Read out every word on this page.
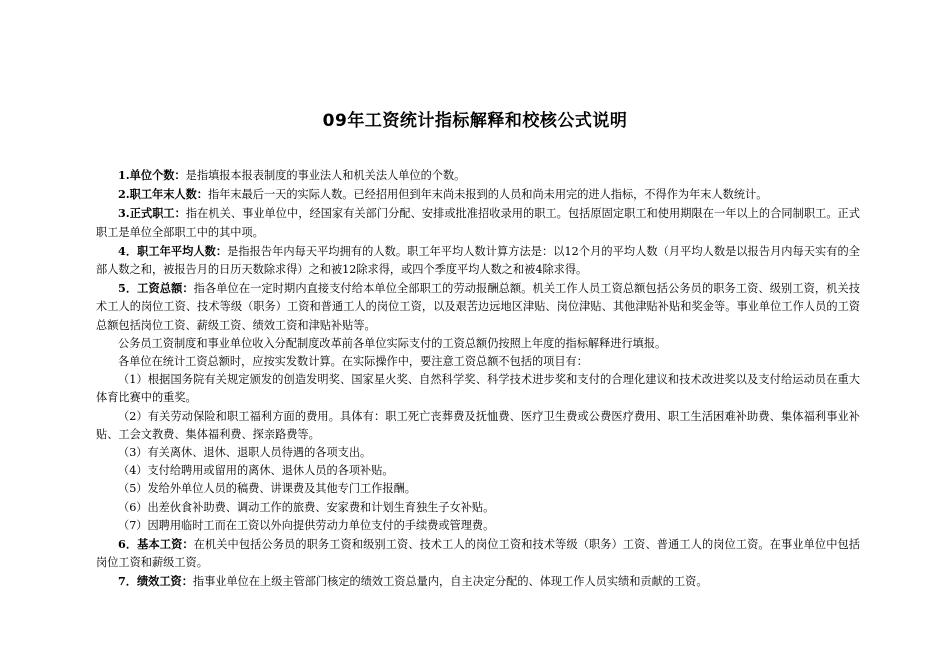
09年工资统计指标解释和校核公式说明

1.单位个数：是指填报本报表制度的事业法人和机关法人单位的个数。

2.职工年末人数：指年末最后一天的实际人数。已经招用但到年末尚未报到的人员和尚未用完的进人指标，不得作为年末人数统计。

3.正式职工：指在机关、事业单位中，经国家有关部门分配、安排或批准招收录用的职工。包括原固定职工和使用期限在一年以上的合同制职工。正式职工是单位全部职工中的其中项。

4．职工年平均人数：是指报告年内每天平均拥有的人数。职工年平均人数计算方法是：以12个月的平均人数（月平均人数是以报告月内每天实有的全部人数之和，被报告月的日历天数除求得）之和被12除求得，或四个季度平均人数之和被4除求得。

5．工资总额：指各单位在一定时期内直接支付给本单位全部职工的劳动报酬总额。机关工作人员工资总额包括公务员的职务工资、级别工资，机关技术工人的岗位工资、技术等级（职务）工资和普通工人的岗位工资，以及艰苦边远地区津贴、岗位津贴、其他津贴补贴和奖金等。事业单位工作人员的工资总额包括岗位工资、薪级工资、绩效工资和津贴补贴等。

公务员工资制度和事业单位收入分配制度改革前各单位实际支付的工资总额仍按照上年度的指标解释进行填报。

各单位在统计工资总额时，应按实发数计算。在实际操作中，要注意工资总额不包括的项目有：

（1）根据国务院有关规定颁发的创造发明奖、国家星火奖、自然科学奖、科学技术进步奖和支付的合理化建议和技术改进奖以及支付给运动员在重大体育比赛中的重奖。

（2）有关劳动保险和职工福利方面的费用。具体有：职工死亡丧葬费及抚恤费、医疗卫生费或公费医疗费用、职工生活困难补助费、集体福利事业补贴、工会文教费、集体福利费、探亲路费等。

（3）有关离休、退休、退职人员待遇的各项支出。

（4）支付给聘用或留用的离休、退休人员的各项补贴。

（5）发给外单位人员的稿费、讲课费及其他专门工作报酬。

（6）出差伙食补助费、调动工作的旅费、安家费和计划生育独生子女补贴。

（7）因聘用临时工而在工资以外向提供劳动力单位支付的手续费或管理费。

6．基本工资：在机关中包括公务员的职务工资和级别工资、技术工人的岗位工资和技术等级（职务）工资、普通工人的岗位工资。在事业单位中包括岗位工资和薪级工资。

7．绩效工资：指事业单位在上级主管部门核定的绩效工资总量内，自主决定分配的、体现工作人员实绩和贡献的工资。
